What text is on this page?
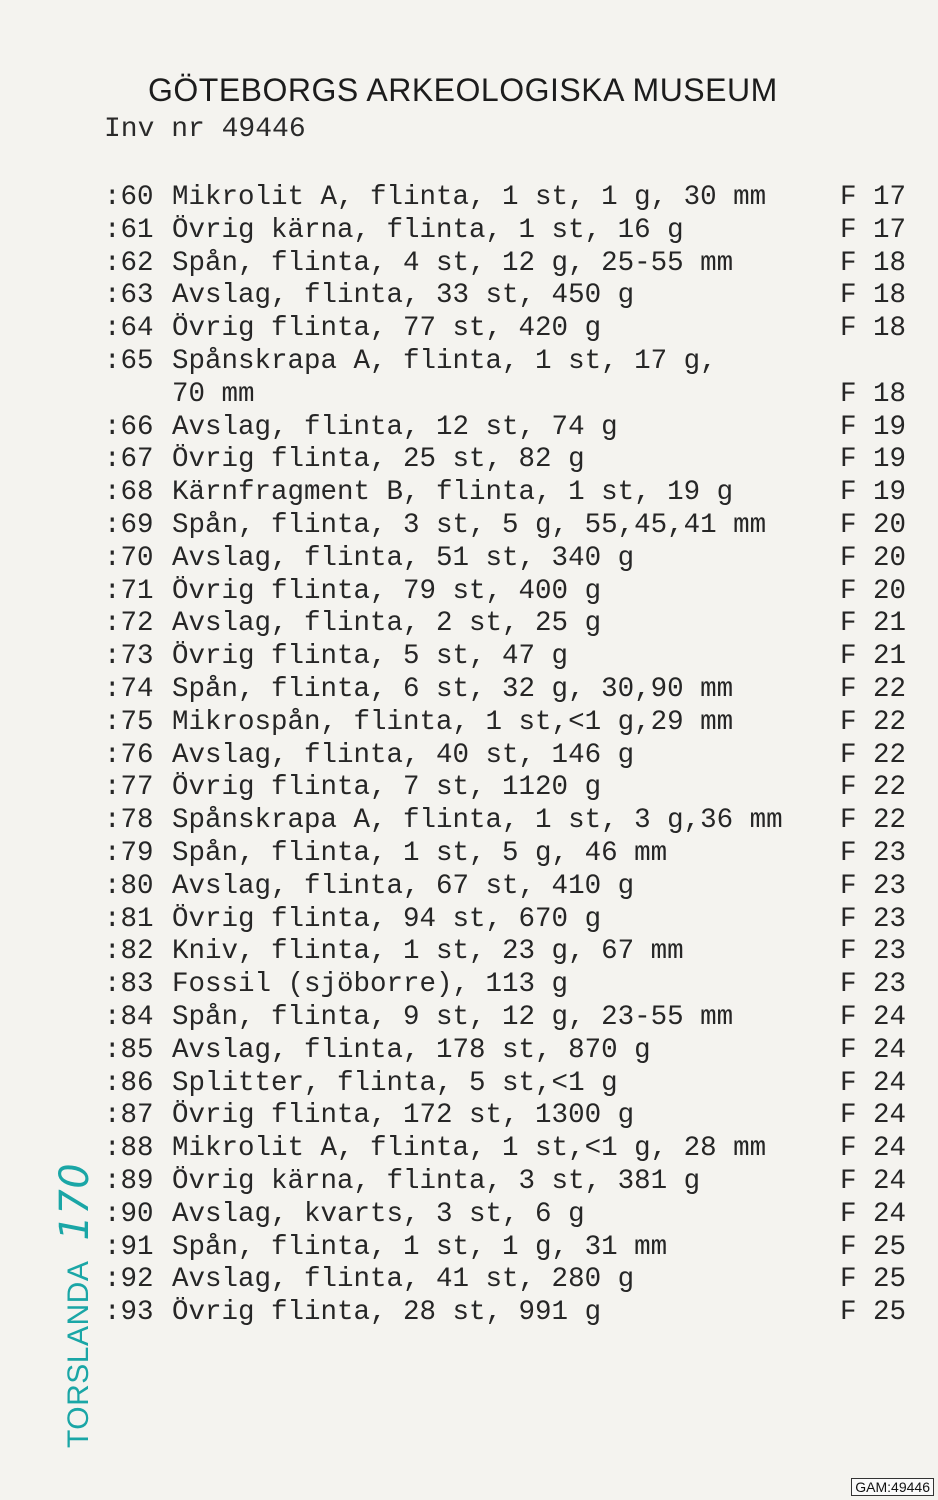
GÖTEBORGS ARKEOLOGISKA MUSEUM
Inv nr 49446
:60 Mikrolit A, flinta, 1 st, 1 g, 30 mm	F 17
:61 Övrig kärna, flinta, 1 st, 16 g	F 17
:62 Spån, flinta, 4 st, 12 g, 25-55 mm	F 18
:63 Avslag, flinta, 33 st, 450 g	F 18
:64 Övrig flinta, 77 st, 420 g	F 18
:65 Spånskrapa A, flinta, 1 st, 17 g,
70 mm	F 18
:66 Avslag, flinta, 12 st, 74 g	F 19
:67 Övrig flinta, 25 st, 82 g	F 19
:68 Kärnfragment B, flinta, 1 st, 19 g	F 19
:69 Spån, flinta, 3 st, 5 g, 55,45,41 mm	F 20
:70 Avslag, flinta, 51 st, 340 g	F 20
:71 Övrig flinta, 79 st, 400 g	F 20
:72 Avslag, flinta, 2 st, 25 g	F 21
:73 Övrig flinta, 5 st, 47 g	F 21
:74 Spån, flinta, 6 st, 32 g, 30,90 mm	F 22
:75 Mikrospån, flinta, 1 st,<1 g,29 mm	F 22
:76 Avslag, flinta, 40 st, 146 g	F 22
:77 Övrig flinta, 7 st, 1120 g	F 22
:78 Spånskrapa A, flinta, 1 st, 3 g,36 mm	F 22
:79 Spån, flinta, 1 st, 5 g, 46 mm	F 23
:80 Avslag, flinta, 67 st, 410 g	F 23
:81 Övrig flinta, 94 st, 670 g	F 23
:82 Kniv, flinta, 1 st, 23 g, 67 mm	F 23
:83 Fossil (sjöborre), 113 g	F 23
:84 Spån, flinta, 9 st, 12 g, 23-55 mm	F 24
:85 Avslag, flinta, 178 st, 870 g	F 24
:86 Splitter, flinta, 5 st,<1 g	F 24
:87 Övrig flinta, 172 st, 1300 g	F 24
:88 Mikrolit A, flinta, 1 st,<1 g, 28 mm	F 24
:89 Övrig kärna, flinta, 3 st, 381 g	F 24
:90 Avslag, kvarts, 3 st, 6 g	F 24
:91 Spån, flinta, 1 st, 1 g, 31 mm	F 25
:92 Avslag, flinta, 41 st, 280 g	F 25
:93 Övrig flinta, 28 st, 991 g	F 25
TORSLANDA170
GAM:49446
